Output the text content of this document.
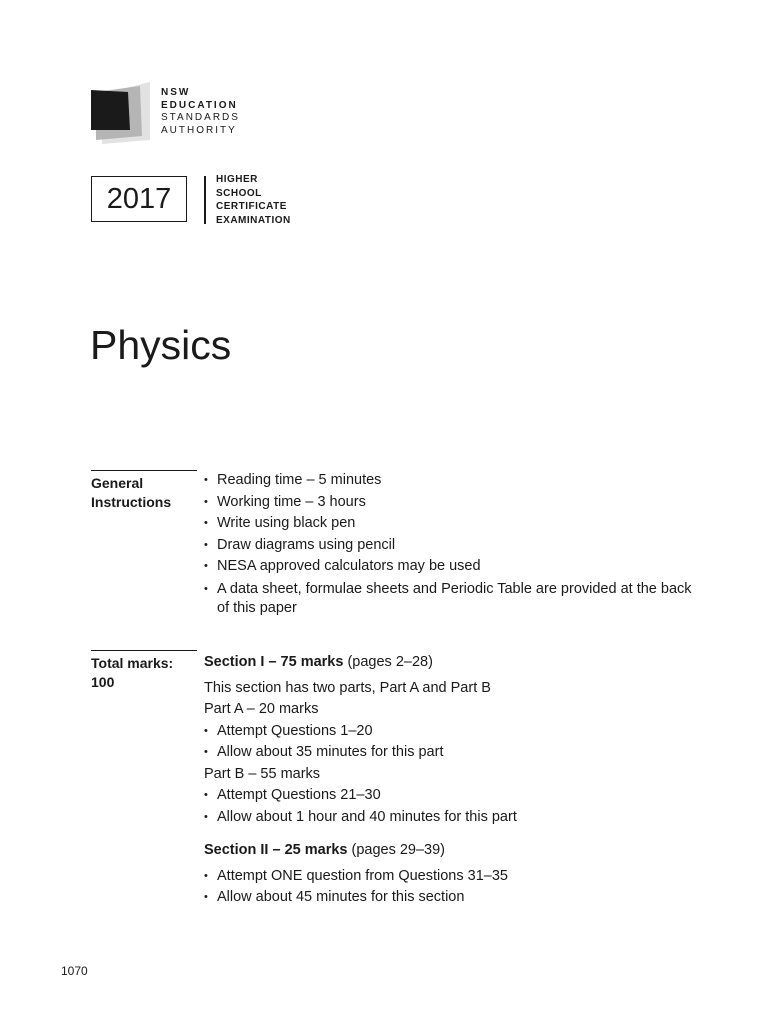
NSW
EDUCATION
STANDARDS
AUTHORITY
2017
HIGHER
SCHOOL
CERTIFICATE
EXAMINATION
Physics
General
Instructions
• Reading time – 5 minutes
• Working time – 3 hours
• Write using black pen
• Draw diagrams using pencil
• NESA approved calculators may be used
• A data sheet, formulae sheets and Periodic Table are provided at the back of this paper
Total marks:
100

Section I – 75 marks (pages 2–28)

This section has two parts, Part A and Part B

Part A – 20 marks

• Attempt Questions 1–20
• Allow about 35 minutes for this part

Part B – 55 marks

• Attempt Questions 21–30
• Allow about 1 hour and 40 minutes for this part

Section II – 25 marks (pages 29–39)

• Attempt ONE question from Questions 31–35
• Allow about 45 minutes for this section
1070
